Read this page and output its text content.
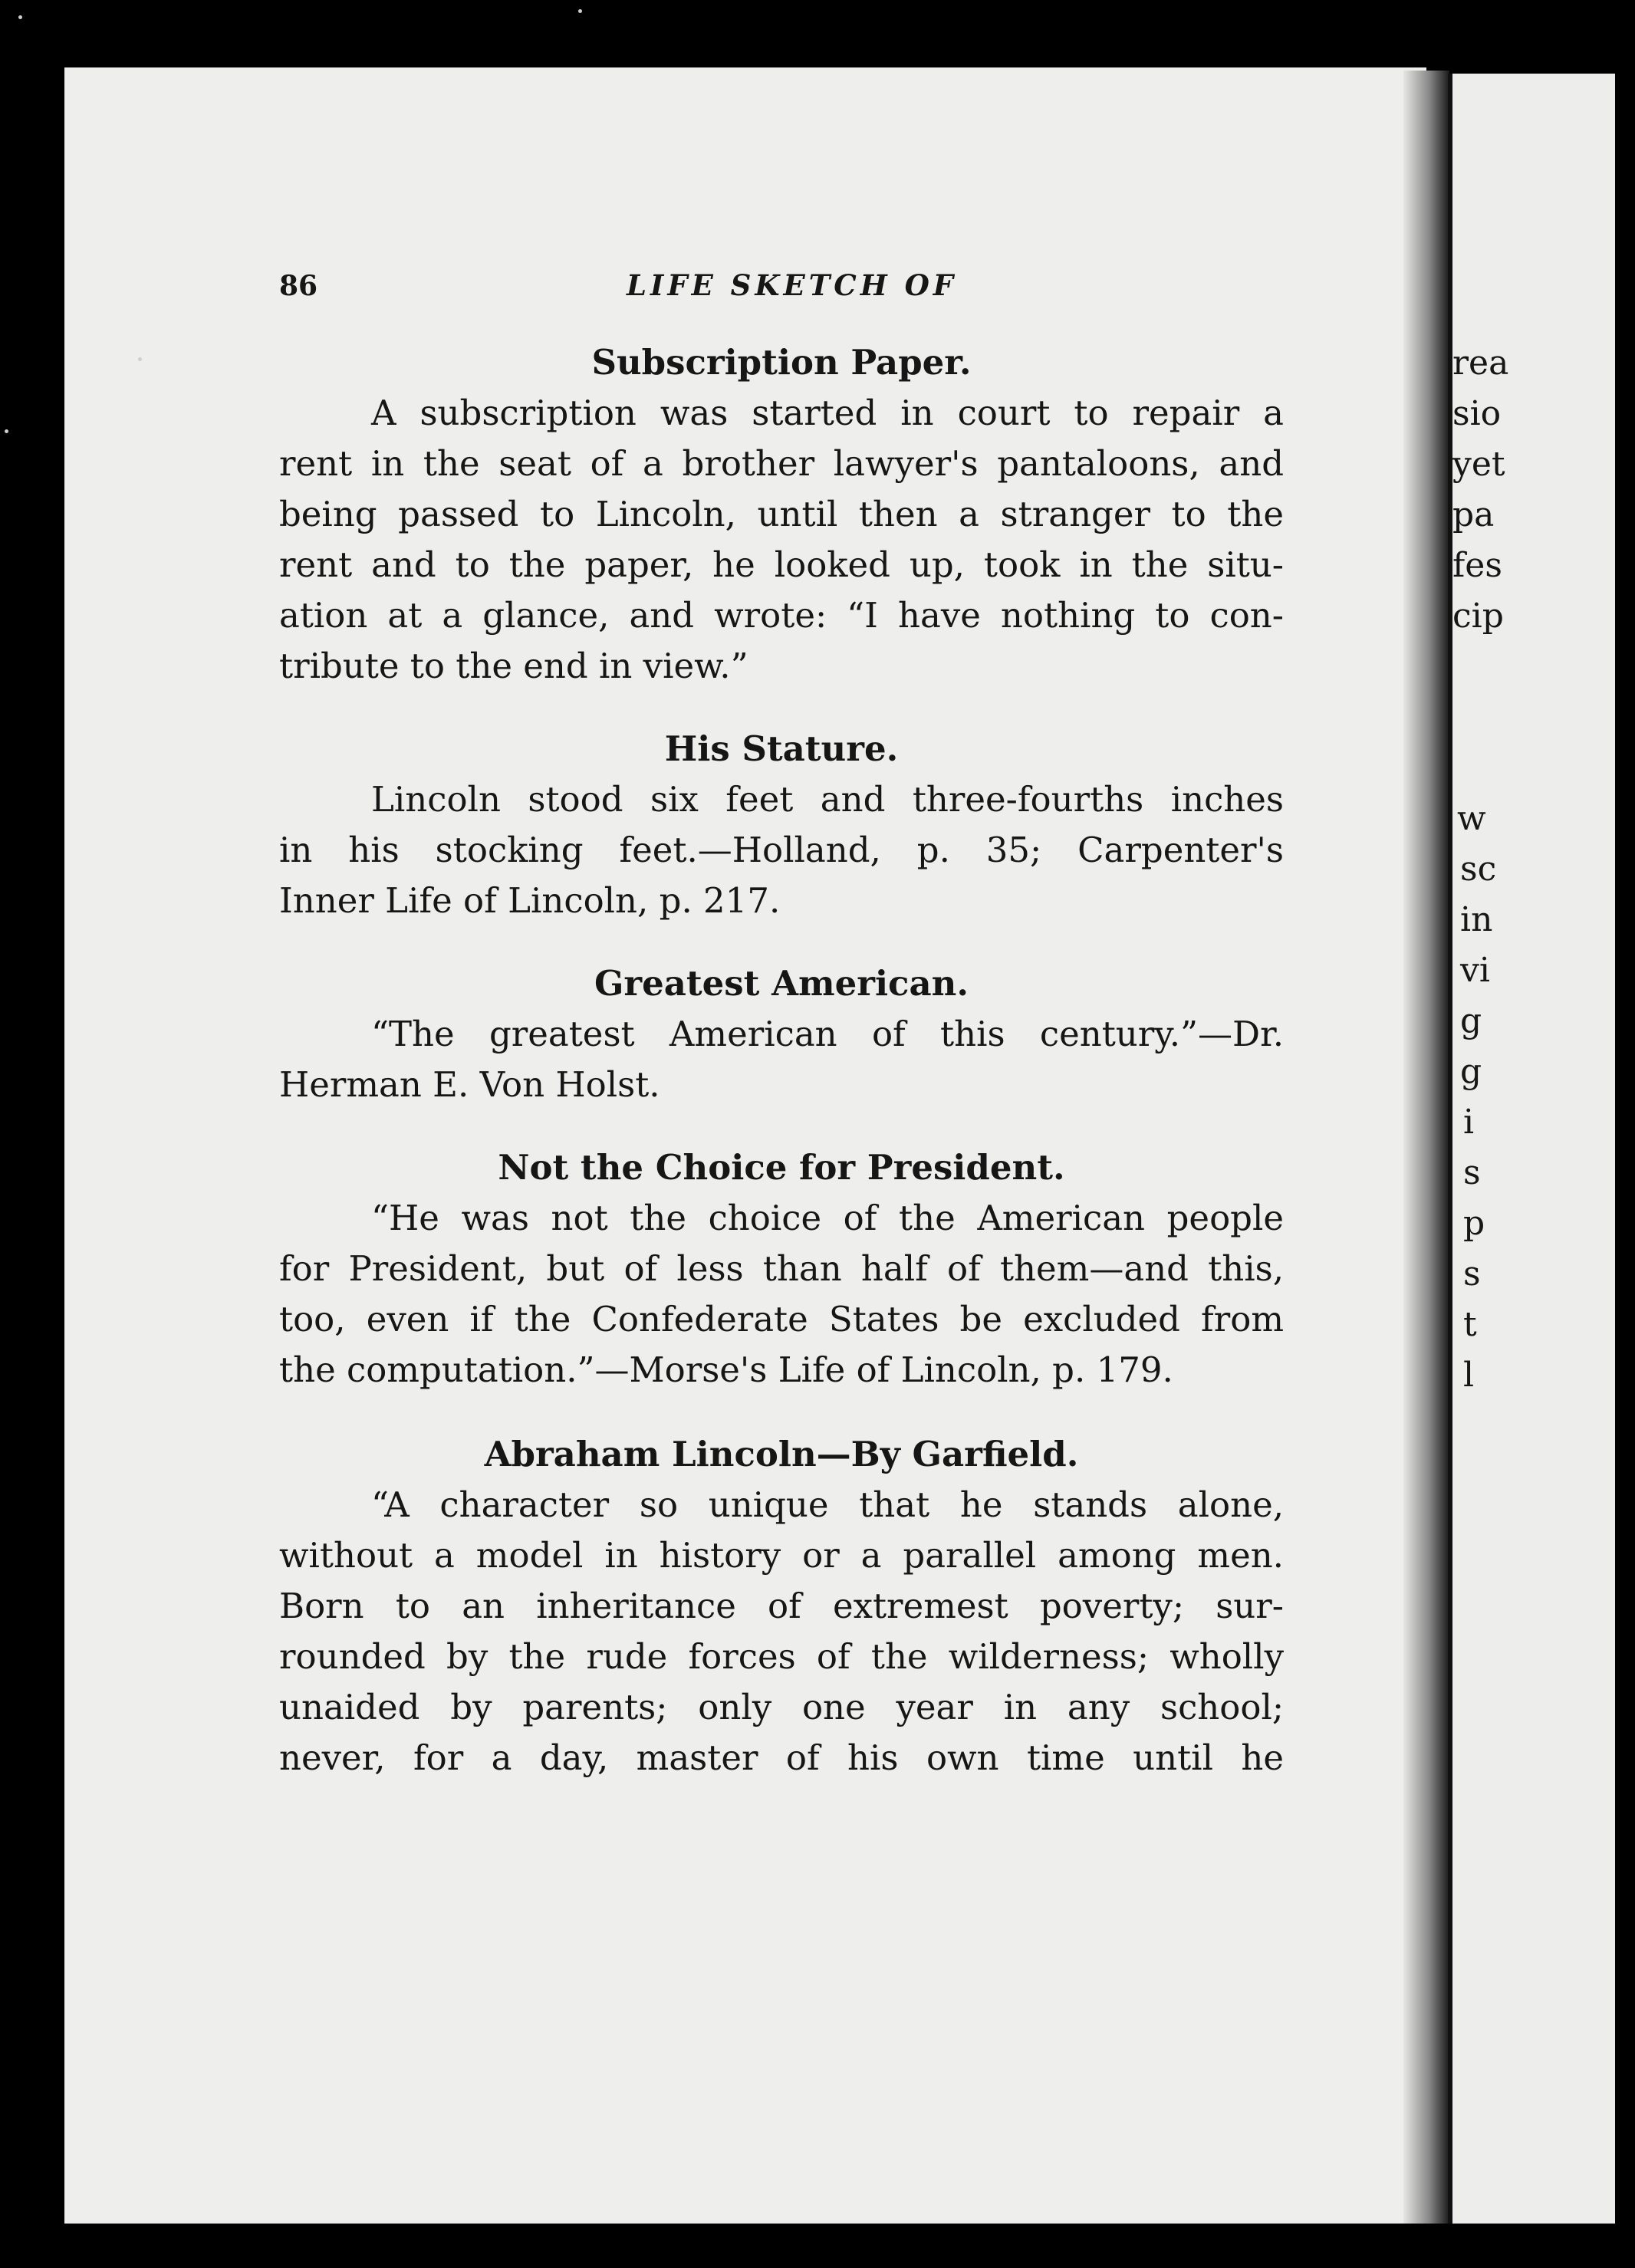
rea
sio
yet
pa
fes
cip
w
sc
in
vi
g
g
i
s
p
s
t
l
86	LIFE SKETCH OF
Subscription Paper.
A subscription was started in court to repair a
rent in the seat of a brother lawyer's pantaloons, and
being passed to Lincoln, until then a stranger to the
rent and to the paper, he looked up, took in the situ-
ation at a glance, and wrote: “I have nothing to con-
tribute to the end in view.”
His Stature.
Lincoln stood six feet and three-fourths inches
in his stocking feet.—Holland, p. 35; Carpenter's
Inner Life of Lincoln, p. 217.
Greatest American.
“The greatest American of this century.”—Dr.
Herman E. Von Holst.
Not the Choice for President.
“He was not the choice of the American people
for President, but of less than half of them—and this,
too, even if the Confederate States be excluded from
the computation.”—Morse's Life of Lincoln, p. 179.
Abraham Lincoln—By Garfield.
“A character so unique that he stands alone,
without a model in history or a parallel among men.
Born to an inheritance of extremest poverty; sur-
rounded by the rude forces of the wilderness; wholly
unaided by parents; only one year in any school;
never, for a day, master of his own time until he
